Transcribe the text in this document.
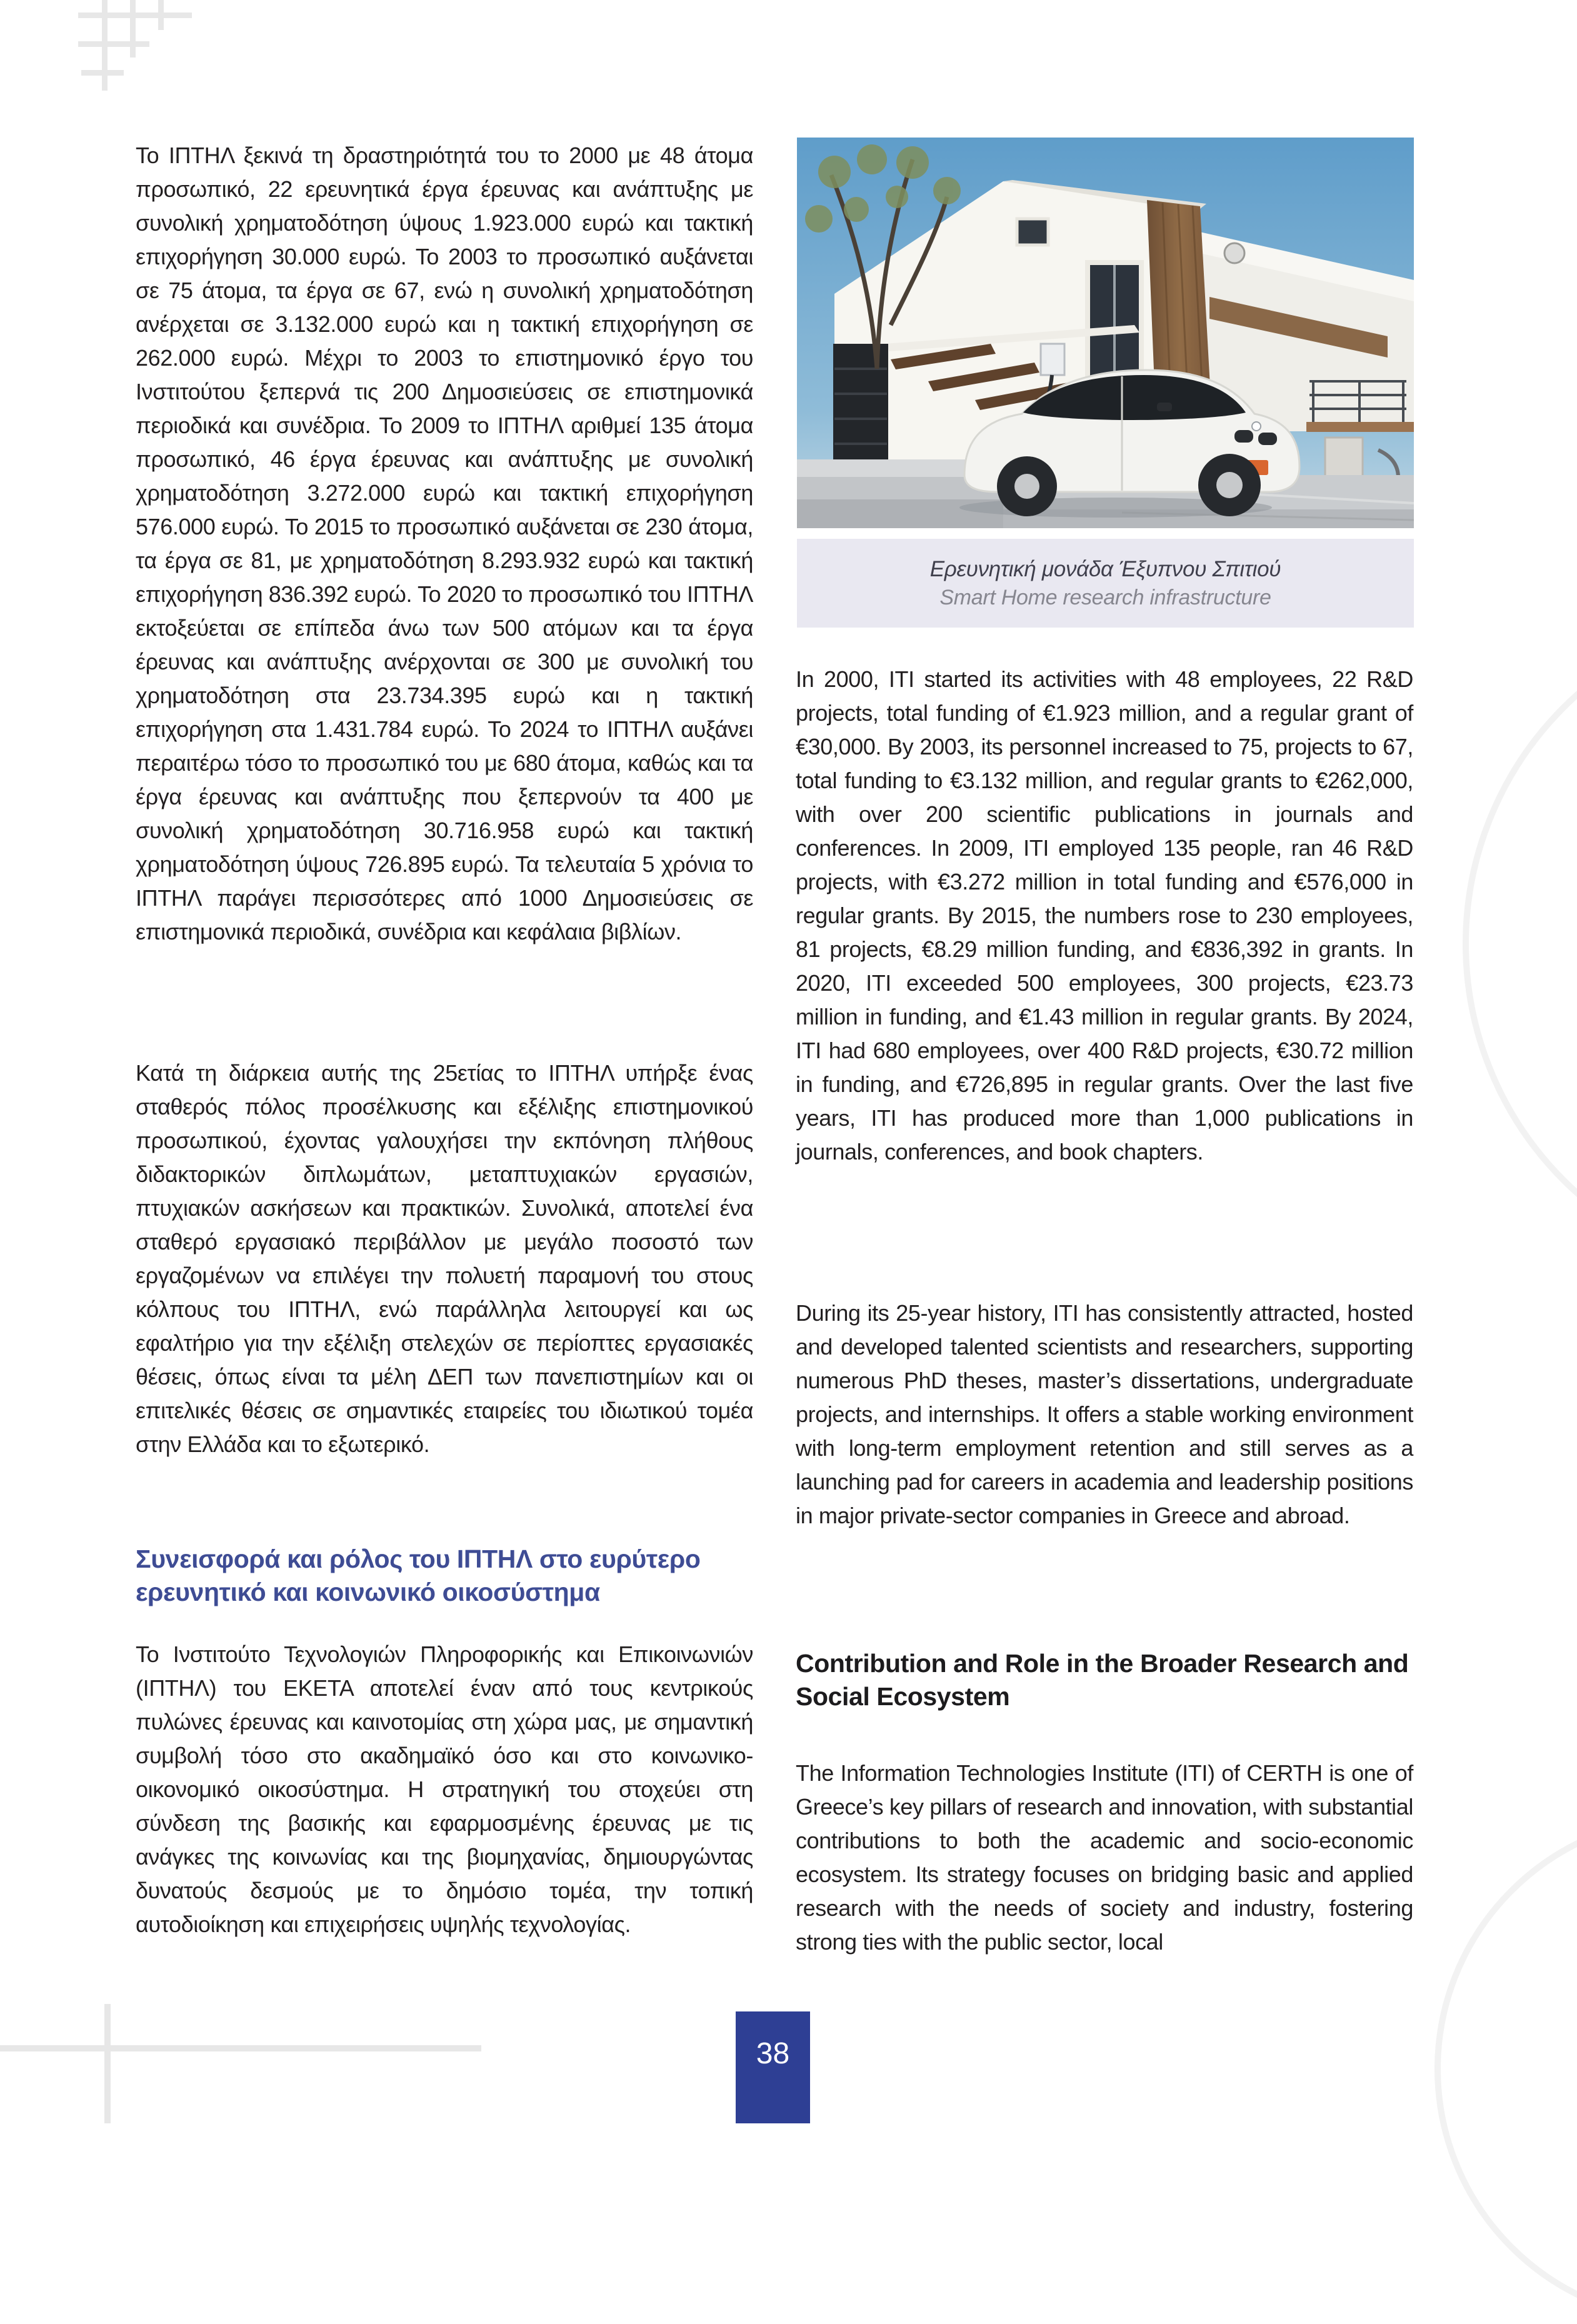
Το ΙΠΤΗΛ ξεκινά τη δραστηριότητά του το 2000 με 48 άτομα προσωπικό, 22 ερευνητικά έργα έρευνας και ανάπτυξης με συνολική χρηματοδότηση ύψους 1.923.000 ευρώ και τακτική επιχορήγηση 30.000 ευρώ. Το 2003 το προσωπικό αυξάνεται σε 75 άτομα, τα έργα σε 67, ενώ η συνολική χρηματοδότηση ανέρχεται σε 3.132.000 ευρώ και η τακτική επιχορήγηση σε 262.000 ευρώ. Μέχρι το 2003 το επιστημονικό έργο του Ινστιτούτου ξεπερνά τις 200 Δημοσιεύσεις σε επιστημονικά περιοδικά και συνέδρια. Το 2009 το ΙΠΤΗΛ αριθμεί 135 άτομα προσωπικό, 46 έργα έρευνας και ανάπτυξης με συνολική χρηματοδότηση 3.272.000 ευρώ και τακτική επιχορήγηση 576.000 ευρώ. Το 2015 το προσωπικό αυξάνεται σε 230 άτομα, τα έργα σε 81, με χρηματοδότηση 8.293.932 ευρώ και τακτική επιχορήγηση 836.392 ευρώ. Το 2020 το προσωπικό του ΙΠΤΗΛ εκτοξεύεται σε επίπεδα άνω των 500 ατόμων και τα έργα έρευνας και ανάπτυξης ανέρχονται σε 300 με συνολική του χρηματοδότηση στα 23.734.395 ευρώ και η τακτική επιχορήγηση στα 1.431.784 ευρώ. Το 2024 το ΙΠΤΗΛ αυξάνει περαιτέρω τόσο το προσωπικό του με 680 άτομα, καθώς και τα έργα έρευνας και ανάπτυξης που ξεπερνούν τα 400 με συνολική χρηματοδότηση 30.716.958 ευρώ και τακτική χρηματοδότηση ύψους 726.895 ευρώ. Τα τελευταία 5 χρόνια το ΙΠΤΗΛ παράγει περισσότερες από 1000 Δημοσιεύσεις σε επιστημονικά περιοδικά, συνέδρια και κεφάλαια βιβλίων.
Κατά τη διάρκεια αυτής της 25ετίας το ΙΠΤΗΛ υπήρξε ένας σταθερός πόλος προσέλκυσης και εξέλιξης επιστημονικού προσωπικού, έχοντας γαλουχήσει την εκπόνηση πλήθους διδακτορικών διπλωμάτων, μεταπτυχιακών εργασιών, πτυχιακών ασκήσεων και πρακτικών. Συνολικά, αποτελεί ένα σταθερό εργασιακό περιβάλλον με μεγάλο ποσοστό των εργαζομένων να επιλέγει την πολυετή παραμονή του στους κόλπους του ΙΠΤΗΛ, ενώ παράλληλα λειτουργεί και ως εφαλτήριο για την εξέλιξη στελεχών σε περίοπτες εργασιακές θέσεις, όπως είναι τα μέλη ΔΕΠ των πανεπιστημίων και οι επιτελικές θέσεις σε σημαντικές εταιρείες του ιδιωτικού τομέα στην Ελλάδα και το εξωτερικό.
Συνεισφορά και ρόλος του ΙΠΤΗΛ στο ευρύτερο ερευνητικό και κοινωνικό οικοσύστημα
Το Ινστιτούτο Τεχνολογιών Πληροφορικής και Επικοινωνιών (ΙΠΤΗΛ) του ΕΚΕΤΑ αποτελεί έναν από τους κεντρικούς πυλώνες έρευνας και καινοτομίας στη χώρα μας, με σημαντική συμβολή τόσο στο ακαδημαϊκό όσο και στο κοινωνικο-οικονομικό οικοσύστημα. Η στρατηγική του στοχεύει στη σύνδεση της βασικής και εφαρμοσμένης έρευνας με τις ανάγκες της κοινωνίας και της βιομηχανίας, δημιουργώντας δυνατούς δεσμούς με το δημόσιο τομέα, την τοπική αυτοδιοίκηση και επιχειρήσεις υψηλής τεχνολογίας.
Ερευνητική μονάδα Έξυπνου Σπιτιού
Smart Home research infrastructure
In 2000, ITI started its activities with 48 employees, 22 R&D projects, total funding of €1.923 million, and a regular grant of €30,000. By 2003, its personnel increased to 75, projects to 67, total funding to €3.132 million, and regular grants to €262,000, with over 200 scientific publications in journals and conferences. In 2009, ITI employed 135 people, ran 46 R&D projects, with €3.272 million in total funding and €576,000 in regular grants. By 2015, the numbers rose to 230 employees, 81 projects, €8.29 million funding, and €836,392 in grants. In 2020, ITI exceeded 500 employees, 300 projects, €23.73 million in funding, and €1.43 million in regular grants. By 2024, ITI had 680 employees, over 400 R&D projects, €30.72 million in funding, and €726,895 in regular grants. Over the last five years, ITI has produced more than 1,000 publications in journals, conferences, and book chapters.
During its 25-year history, ITI has consistently attracted, hosted and developed talented scientists and researchers, supporting numerous PhD theses, master’s dissertations, undergraduate projects, and internships. It offers a stable working environment with long-term employment retention and still serves as a launching pad for careers in academia and leadership positions in major private-sector companies in Greece and abroad.
Contribution and Role in the Broader Research and Social Ecosystem
The Information Technologies Institute (ITI) of CERTH is one of Greece’s key pillars of research and innovation, with substantial contributions to both the academic and socio-economic ecosystem. Its strategy focuses on bridging basic and applied research with the needs of society and industry, fostering strong ties with the public sector, local
38
